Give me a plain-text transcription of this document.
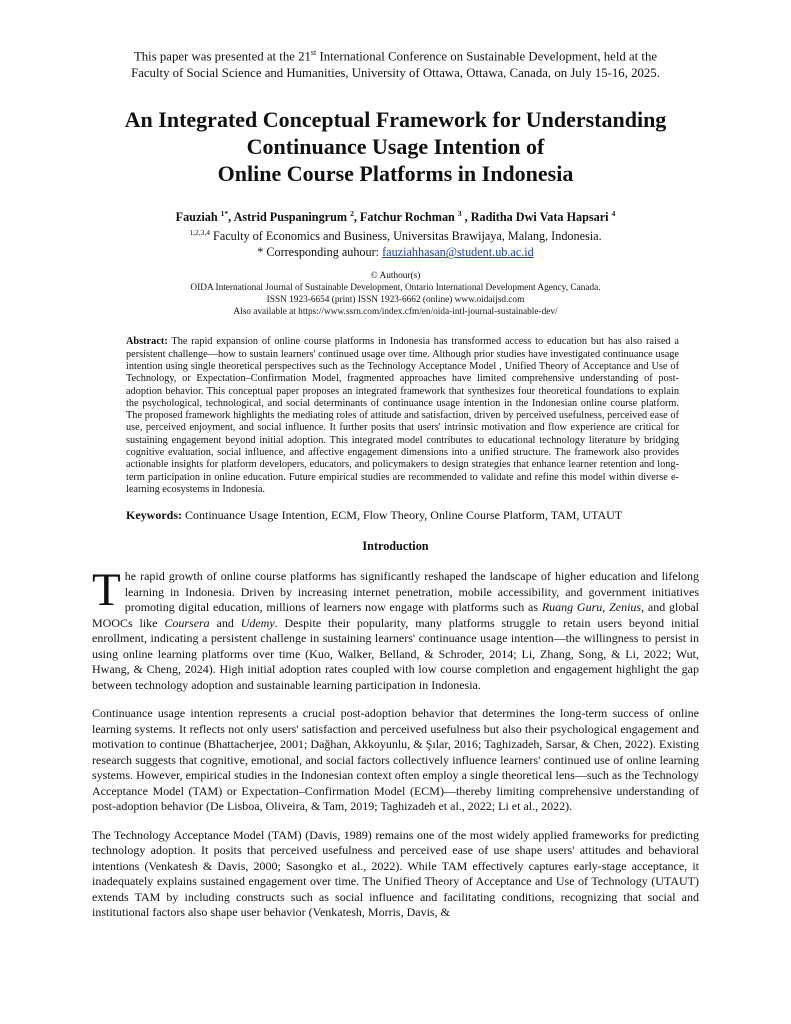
This paper was presented at the 21st International Conference on Sustainable Development, held at the

Faculty of Social Science and Humanities, University of Ottawa, Ottawa, Canada, on July 15-16, 2025.

An Integrated Conceptual Framework for Understanding
Continuance Usage Intention of
Online Course Platforms in Indonesia
Fauziah $^{1*}$, Astrid Puspaningrum $^2$, Fatchur Rochman $^3$ , Raditha Dwi Vata Hapsari $^4$
$^{1,2,3,4}$ Faculty of Economics and Business, Universitas Brawijaya, Malang, Indonesia.
* Corresponding auhour: fauziahhasan@student.ub.ac.id
© Authour(s)
OIDA International Journal of Sustainable Development, Ontario International Development Agency, Canada.
ISSN 1923-6654 (print) ISSN 1923-6662 (online) www.oidaijsd.com
Also available at https://www.ssrn.com/index.cfm/en/oida-intl-journal-sustainable-dev/
Abstract: The rapid expansion of online course platforms in Indonesia has transformed access to education but has also raised a persistent challenge—how to sustain learners' continued usage over time. Although prior studies have investigated continuance usage intention using single theoretical perspectives such as the Technology Acceptance Model , Unified Theory of Acceptance and Use of Technology, or Expectation–Confirmation Model, fragmented approaches have limited comprehensive understanding of post-adoption behavior. This conceptual paper proposes an integrated framework that synthesizes four theoretical foundations to explain the psychological, technological, and social determinants of continuance usage intention in the Indonesian online course platform. The proposed framework highlights the mediating roles of attitude and satisfaction, driven by perceived usefulness, perceived ease of use, perceived enjoyment, and social influence. It further posits that users' intrinsic motivation and flow experience are critical for sustaining engagement beyond initial adoption. This integrated model contributes to educational technology literature by bridging cognitive evaluation, social influence, and affective engagement dimensions into a unified structure. The framework also provides actionable insights for platform developers, educators, and policymakers to design strategies that enhance learner retention and long-term participation in online education. Future empirical studies are recommended to validate and refine this model within diverse e-learning ecosystems in Indonesia.
Keywords: Continuance Usage Intention, ECM, Flow Theory, Online Course Platform, TAM, UTAUT
Introduction

The rapid growth of online course platforms has significantly reshaped the landscape of higher education and lifelong learning in Indonesia. Driven by increasing internet penetration, mobile accessibility, and government initiatives promoting digital education, millions of learners now engage with platforms such as Ruang Guru, Zenius, and global MOOCs like Coursera and Udemy. Despite their popularity, many platforms struggle to retain users beyond initial enrollment, indicating a persistent challenge in sustaining learners' continuance usage intention—the willingness to persist in using online learning platforms over time (Kuo, Walker, Belland, & Schroder, 2014; Li, Zhang, Song, & Li, 2022; Wut, Hwang, & Cheng, 2024). High initial adoption rates coupled with low course completion and engagement highlight the gap between technology adoption and sustainable learning participation in Indonesia.

Continuance usage intention represents a crucial post-adoption behavior that determines the long-term success of online learning systems. It reflects not only users' satisfaction and perceived usefulness but also their psychological engagement and motivation to continue (Bhattacherjee, 2001; Dağhan, Akkoyunlu, & Şılar, 2016; Taghizadeh, Sarsar, & Chen, 2022). Existing research suggests that cognitive, emotional, and social factors collectively influence learners' continued use of online learning systems. However, empirical studies in the Indonesian context often employ a single theoretical lens—such as the Technology Acceptance Model (TAM) or Expectation–Confirmation Model (ECM)—thereby limiting comprehensive understanding of post-adoption behavior (De Lisboa, Oliveira, & Tam, 2019; Taghizadeh et al., 2022; Li et al., 2022).

The Technology Acceptance Model (TAM) (Davis, 1989) remains one of the most widely applied frameworks for predicting technology adoption. It posits that perceived usefulness and perceived ease of use shape users' attitudes and behavioral intentions (Venkatesh & Davis, 2000; Sasongko et al., 2022). While TAM effectively captures early-stage acceptance, it inadequately explains sustained engagement over time. The Unified Theory of Acceptance and Use of Technology (UTAUT) extends TAM by including constructs such as social influence and facilitating conditions, recognizing that social and institutional factors also shape user behavior (Venkatesh, Morris, Davis, &
